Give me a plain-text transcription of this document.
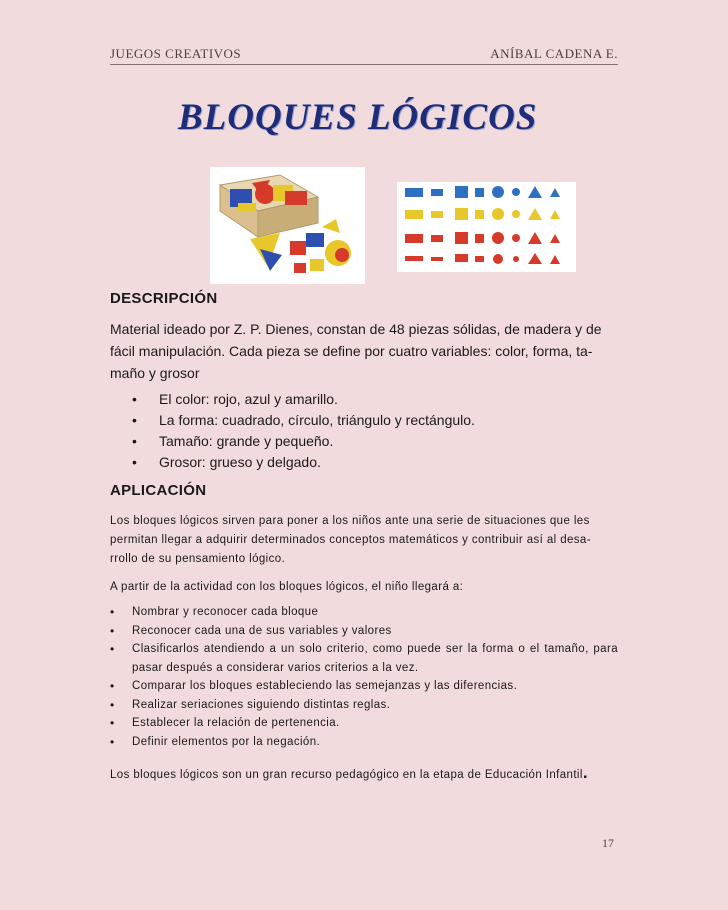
JUEGOS CREATIVOS	ANÍBAL CADENA E.
BLOQUES LÓGICOS
DESCRIPCIÓN
Material ideado por Z. P. Dienes, constan de 48 piezas sólidas, de madera y de
fácil manipulación. Cada pieza se define por cuatro variables: color, forma, ta-
maño y grosor
• El color: rojo, azul y amarillo.
• La forma: cuadrado, círculo, triángulo y rectángulo.
• Tamaño: grande y pequeño.
• Grosor: grueso y delgado.
APLICACIÓN
Los bloques lógicos sirven para poner a los niños ante una serie de situaciones que les
permitan llegar a adquirir determinados conceptos matemáticos y contribuir así al desa-
rrollo de su pensamiento lógico.
A partir de la actividad con los bloques lógicos, el niño llegará a:
• Nombrar y reconocer cada bloque
• Reconocer cada una de sus variables y valores
• Clasificarlos atendiendo a un solo criterio, como puede ser la forma o el tamaño, para pasar después a considerar varios criterios a la vez.
• Comparar los bloques estableciendo las semejanzas y las diferencias.
• Realizar seriaciones siguiendo distintas reglas.
• Establecer la relación de pertenencia.
• Definir elementos por la negación.
Los bloques lógicos son un gran recurso pedagógico en la etapa de Educación Infantil.
17
